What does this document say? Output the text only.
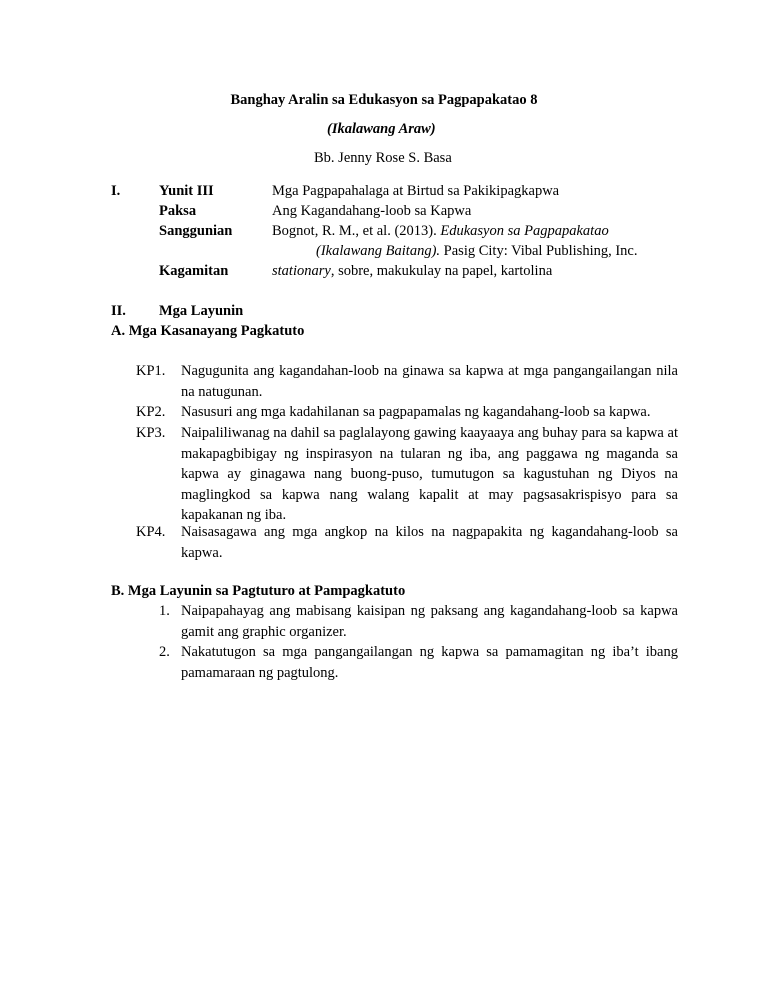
Banghay Aralin sa Edukasyon sa Pagpapakatao 8
(Ikalawang Araw)
Bb. Jenny Rose S. Basa
I.	Yunit III	Mga Pagpapahalaga at Birtud sa Pakikipagkapwa
Paksa	Ang Kagandahang-loob sa Kapwa
Sanggunian	Bognot, R. M., et al. (2013). Edukasyon sa Pagpapakatao
(Ikalawang Baitang). Pasig City: Vibal Publishing, Inc.
Kagamitan	stationary, sobre, makukulay na papel, kartolina
II. Mga Layunin
A. Mga Kasanayang Pagkatuto
KP1. Nagugunita ang kagandahan-loob na ginawa sa kapwa at mga pangangailangan nila na natugunan.
KP2. Nasusuri ang mga kadahilanan sa pagpapamalas ng kagandahang-loob sa kapwa.
KP3. Naipaliliwanag na dahil sa paglalayong gawing kaayaaya ang buhay para sa kapwa at makapagbibigay ng inspirasyon na tularan ng iba, ang paggawa ng maganda sa kapwa ay ginagawa nang buong-puso, tumutugon sa kagustuhan ng Diyos na maglingkod sa kapwa nang walang kapalit at may pagsasakrispisyo para sa kapakanan ng iba.
KP4. Naisasagawa ang mga angkop na kilos na nagpapakita ng kagandahang-loob sa kapwa.
B. Mga Layunin sa Pagtuturo at Pampagkatuto
1. Naipapahayag ang mabisang kaisipan ng paksang ang kagandahang-loob sa kapwa gamit ang graphic organizer.
2. Nakatutugon sa mga pangangailangan ng kapwa sa pamamagitan ng iba’t ibang pamamaraan ng pagtulong.
